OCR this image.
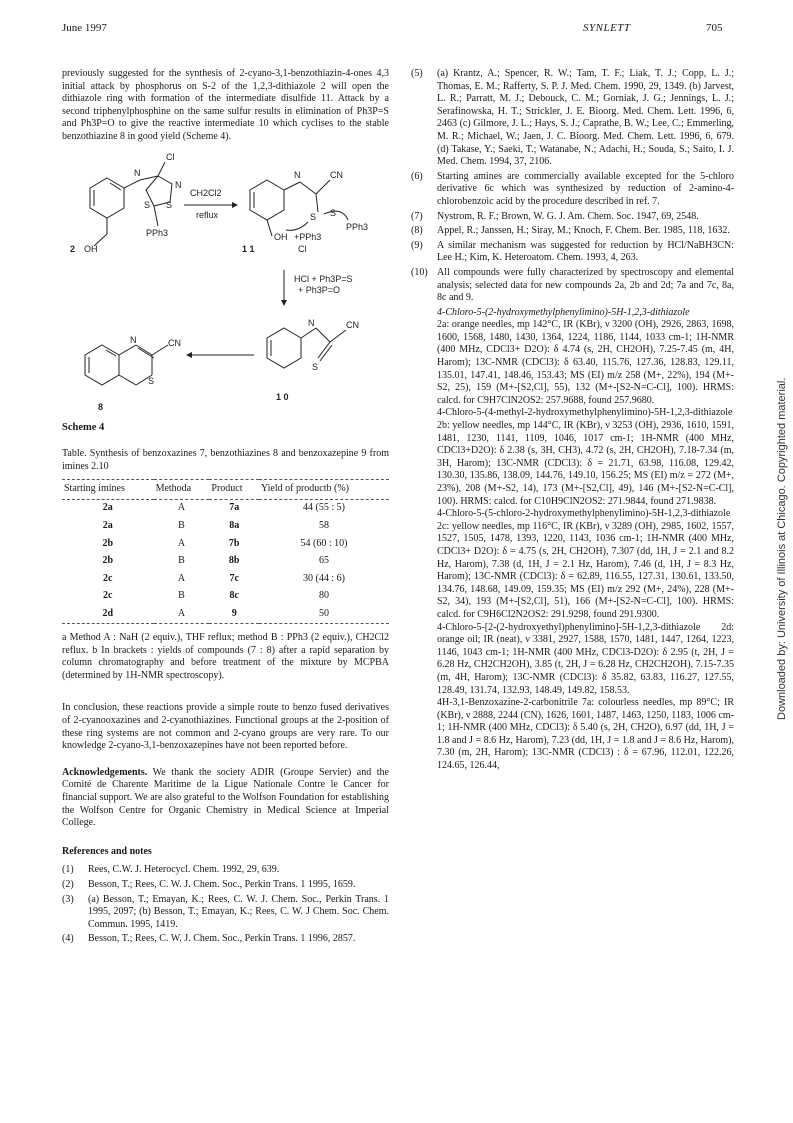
June 1997	SYNLETT	705
Downloaded by: University of Illinois at Chicago. Copyrighted material.

previously suggested for the synthesis of 2-cyano-3,1-benzothiazin-4-ones 4,3 initial attack by phosphorus on S-2 of the 1,2,3-dithiazole 2 will open the dithiazole ring with formation of the intermediate disulfide 11. Attack by a second triphenylphosphine on the same sulfur results in elimination of Ph3P=S and Ph3P=O to give the reactive intermediate 10 which cyclises to the stable benzothiazine 8 in good yield (Scheme 4).

N
Cl
N
S S
PPh3
2 OH
CH2Cl2
reflux
N	CN
S S
PPh3
OH +PPh3
Cl
1 1
HCl + Ph3P=S
+ Ph3P=O
N	CN
S
1 0
N	CN
S
8
Scheme 4

Table. Synthesis of benzoxazines 7, benzothiazines 8 and benzoxazepine 9 from imines 2.10

Starting imines	Methoda	Product	Yield of productb (%)
2a	A	7a	44 (55 : 5)
2a	B	8a	58
2b	A	7b	54 (60 : 10)
2b	B	8b	65
2c	A	7c	30 (44 : 6)
2c	B	8c	80
2d	A	9	50

a Method A : NaH (2 equiv.), THF reflux; method B : PPh3 (2 equiv.), CH2Cl2 reflux. b In brackets : yields of compounds (7 : 8) after a rapid separation by column chromatography and before treatment of the mixture by MCPBA (determined by 1H-NMR spectroscopy).

In conclusion, these reactions provide a simple route to benzo fused derivatives of 2-cyanooxazines and 2-cyanothiazines. Functional groups at the 2-position of these ring systems are not common and 2-cyano groups are very rare. To our knowledge 2-cyano-3,1-benzoxazepines have not been reported before.

Acknowledgements. We thank the society ADIR (Groupe Servier) and the Comité de Charente Maritime de la Ligue Nationale Contre le Cancer for financial support. We are also grateful to the Wolfson Foundation for establishing the Wolfson Centre for Organic Chemistry in Medical Science at Imperial College.

References and notes
(1)	Rees, C.W. J. Heterocycl. Chem. 1992, 29, 639.
(2)	Besson, T.; Rees, C. W. J. Chem. Soc., Perkin Trans. 1 1995, 1659.
(3)	(a) Besson, T.; Emayan, K.; Rees, C. W. J. Chem. Soc., Perkin Trans. 1 1995, 2097; (b) Besson, T.; Emayan, K.; Rees, C. W. J Chem. Soc. Chem. Commun. 1995, 1419.
(4)	Besson, T.; Rees, C. W. J. Chem. Soc., Perkin Trans. 1 1996, 2857.
(5)	(a) Krantz, A.; Spencer, R. W.; Tam, T. F.; Liak, T. J.; Copp, L. J.; Thomas, E. M.; Rafferty, S. P. J. Med. Chem. 1990, 29, 1349. (b) Jarvest, L. R.; Parratt, M. J.; Debouck, C. M.; Gorniak, J. G.; Jennings, L. J.; Serafinowska, H. T.; Strickler, J. E. Bioorg. Med. Chem. Lett. 1996, 6, 2463 (c) Gilmore, J. L.; Hays, S. J.; Caprathe, B. W.; Lee, C.; Emmerling, M. R.; Michael, W.; Jaen, J. C. Bioorg. Med. Chem. Lett. 1996, 6, 679. (d) Takase, Y.; Saeki, T.; Watanabe, N.; Adachi, H.; Souda, S.; Saito, I. J. Med. Chem. 1994, 37, 2106.
(6)	Starting amines are commercially available excepted for the 5-chloro derivative 6c which was synthesized by reduction of 2-amino-4-chlorobenzoic acid by the procedure described in ref. 7.
(7)	Nystrom, R. F.; Brown, W. G. J. Am. Chem. Soc. 1947, 69, 2548.
(8)	Appel, R.; Janssen, H.; Siray, M.; Knoch, F. Chem. Ber. 1985, 118, 1632.
(9)	A similar mechanism was suggested for reduction by HCl/NaBH3CN: Lee H.; Kim, K. Heteroatom. Chem. 1993, 4, 263.
(10) All compounds were fully characterized by spectroscopy and elemental analysis; selected data for new compounds 2a, 2b and 2d; 7a and 7c, 8a, 8c and 9.
4-Chloro-5-(2-hydroxymethylphenylimino)-5H-1,2,3-dithiazole
2a: orange needles, mp 142°C, IR (KBr), ν 3200 (OH), 2926, 2863, 1698, 1600, 1568, 1480, 1430, 1364, 1224, 1186, 1144, 1033 cm-1; 1H-NMR (400 MHz, CDCl3+ D2O): δ 4.74 (s, 2H, CH2OH), 7.25-7.45 (m, 4H, Harom); 13C-NMR (CDCl3): δ 63.40, 115.76, 127.36, 128.83, 129.11, 135.01, 147.41, 148.46, 153.43; MS (EI) m/z 258 (M+, 22%), 194 (M+-S2, 25), 159 (M+-[S2,Cl], 55), 132 (M+-[S2-N=C-Cl], 100). HRMS: calcd. for C9H7ClN2OS2: 257.9688, found 257.9680.
4-Chloro-5-(4-methyl-2-hydroxymethylphenylimino)-5H-1,2,3-dithiazole 2b: yellow needles, mp 144°C, IR (KBr), ν 3253 (OH), 2936, 1610, 1591, 1481, 1230, 1141, 1109, 1046, 1017 cm-1; 1H-NMR (400 MHz, CDCl3+D2O): δ 2.38 (s, 3H, CH3), 4.72 (s, 2H, CH2OH), 7.18-7.34 (m, 3H, Harom); 13C-NMR (CDCl3): δ = 21.71, 63.98, 116.08, 129.42, 130.30, 135.86, 138.09, 144.76, 149.10, 156.25; MS (EI) m/z = 272 (M+, 23%), 208 (M+-S2, 14), 173 (M+-[S2,Cl], 49), 146 (M+-[S2-N=C-Cl], 100). HRMS: calcd. for C10H9ClN2OS2: 271.9844, found 271.9838.
4-Chloro-5-(5-chloro-2-hydroxymethylphenylimino)-5H-1,2,3-dithiazole 2c: yellow needles, mp 116°C, IR (KBr), ν 3289 (OH), 2985, 1602, 1557, 1527, 1505, 1478, 1393, 1220, 1143, 1036 cm-1; 1H-NMR (400 MHz, CDCl3+ D2O): δ = 4.75 (s, 2H, CH2OH), 7.307 (dd, 1H, J = 2.1 and 8.2 Hz, Harom), 7.38 (d, 1H, J = 2.1 Hz, Harom), 7.46 (d, 1H, J = 8.3 Hz, Harom); 13C-NMR (CDCl3): δ = 62.89, 116.55, 127.31, 130.61, 133.50, 134.76, 148.68, 149.09, 159.35; MS (EI) m/z 292 (M+, 24%), 228 (M+-S2, 34), 193 (M+-[S2,Cl], 51), 166 (M+-[S2-N=C-Cl], 100). HRMS: calcd. for C9H6Cl2N2OS2: 291.9298, found 291.9300.
4-Chloro-5-[2-(2-hydroxyethyl)phenylimino]-5H-1,2,3-dithiazole 2d: orange oil; IR (neat), ν 3381, 2927, 1588, 1570, 1481, 1447, 1264, 1223, 1146, 1043 cm-1; 1H-NMR (400 MHz, CDCl3-D2O): δ 2.95 (t, 2H, J = 6.28 Hz, CH2CH2OH), 3.85 (t, 2H, J = 6.28 Hz, CH2CH2OH), 7.15-7.35 (m, 4H, Harom); 13C-NMR (CDCl3): δ 35.82, 63.83, 116.27, 127.55, 128.49, 131.74, 132.93, 148.49, 149.82, 158.53.
4H-3,1-Benzoxazine-2-carbonitrile 7a: colourless needles, mp 89°C; IR (KBr), ν 2888, 2244 (CN), 1626, 1601, 1487, 1463, 1250, 1183, 1006 cm-1; 1H-NMR (400 MHz, CDCl3): δ 5.40 (s, 2H, CH2O), 6.97 (dd, 1H, J = 1.8 and J = 8.6 Hz, Harom), 7.23 (dd, 1H, J = 1.8 and J = 8.6 Hz, Harom), 7.30 (m, 2H, Harom); 13C-NMR (CDCl3) : δ = 67.96, 112.01, 122.26, 124.65, 126.44,
